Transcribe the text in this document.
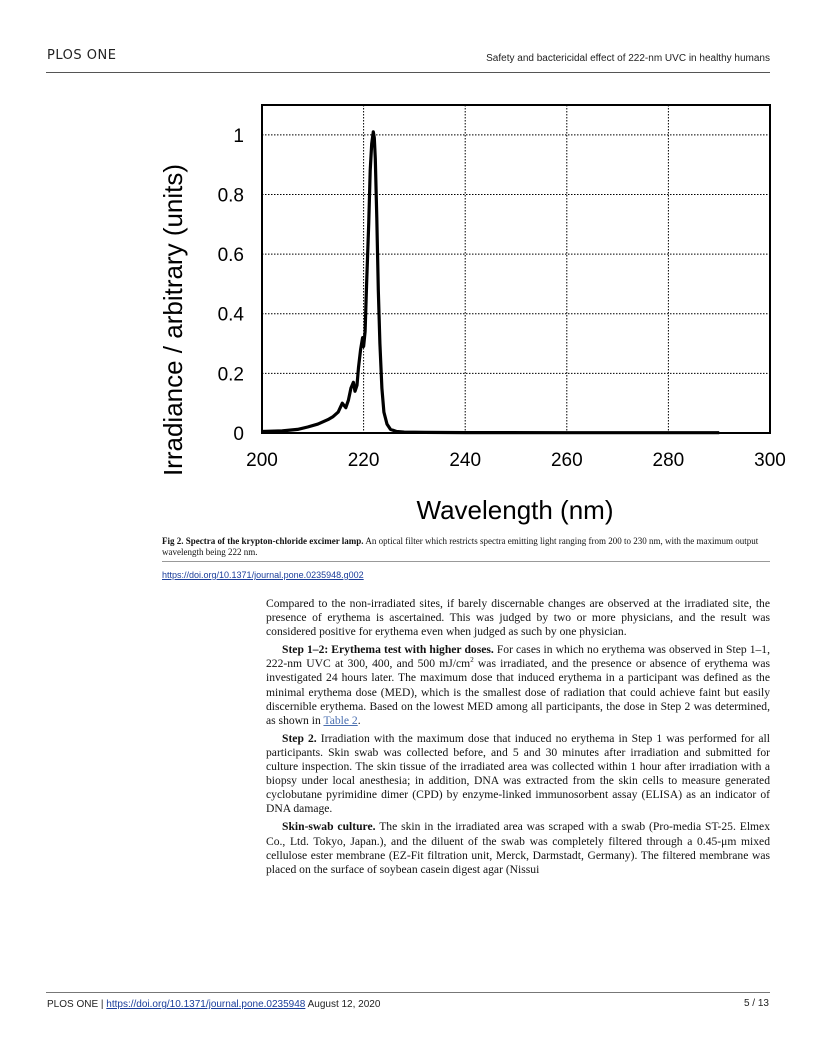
PLOS ONE	Safety and bactericidal effect of 222-nm UVC in healthy humans
200	220	240	260	280	300
0
0.2
0.4
0.6
0.8
1
Wavelength (nm)
Irradiance / arbitrary (units)
Fig 2. Spectra of the krypton-chloride excimer lamp. An optical filter which restricts spectra emitting light ranging from 200 to 230 nm, with the maximum output wavelength being 222 nm.
https://doi.org/10.1371/journal.pone.0235948.g002

Compared to the non-irradiated sites, if barely discernable changes are observed at the irradiated site, the presence of erythema is ascertained. This was judged by two or more physicians, and the result was considered positive for erythema even when judged as such by one physician.

Step 1–2: Erythema test with higher doses. For cases in which no erythema was observed in Step 1–1, 222-nm UVC at 300, 400, and 500 $mJ/cm^2$ was irradiated, and the presence or absence of erythema was investigated 24 hours later. The maximum dose that induced erythema in a participant was defined as the minimal erythema dose (MED), which is the smallest dose of radiation that could achieve faint but easily discernible erythema. Based on the lowest MED among all participants, the dose in Step 2 was determined, as shown in Table 2.

Step 2. Irradiation with the maximum dose that induced no erythema in Step 1 was performed for all participants. Skin swab was collected before, and 5 and 30 minutes after irradiation and submitted for culture inspection. The skin tissue of the irradiated area was collected within 1 hour after irradiation with a biopsy under local anesthesia; in addition, DNA was extracted from the skin cells to measure generated cyclobutane pyrimidine dimer (CPD) by enzyme-linked immunosorbent assay (ELISA) as an indicator of DNA damage.

Skin-swab culture. The skin in the irradiated area was scraped with a swab (Pro-media ST-25. Elmex Co., Ltd. Tokyo, Japan.), and the diluent of the swab was completely filtered through a 0.45-μm mixed cellulose ester membrane (EZ-Fit filtration unit, Merck, Darmstadt, Germany). The filtered membrane was placed on the surface of soybean casein digest agar (Nissui

PLOS ONE | https://doi.org/10.1371/journal.pone.0235948 August 12, 2020	5 / 13
